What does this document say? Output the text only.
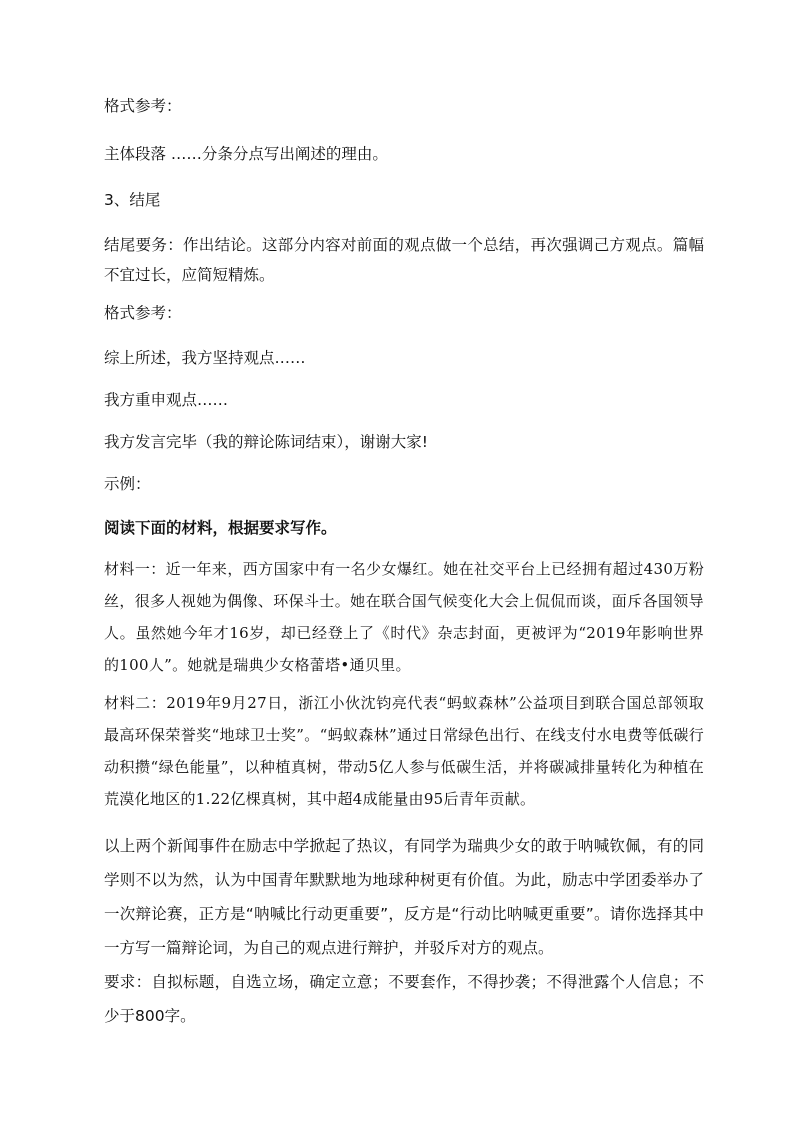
格式参考：
主体段落 ……分条分点写出阐述的理由。
3、结尾
结尾要务：作出结论。这部分内容对前面的观点做一个总结，再次强调己方观点。篇幅不宜过长，应简短精炼。
格式参考：
综上所述，我方坚持观点……
我方重申观点……
我方发言完毕（我的辩论陈词结束），谢谢大家!
示例：
阅读下面的材料，根据要求写作。
材料一：近一年来，西方国家中有一名少女爆红。她在社交平台上已经拥有超过430万粉丝，很多人视她为偶像、环保斗士。她在联合国气候变化大会上侃侃而谈，面斥各国领导人。虽然她今年才16岁，却已经登上了《时代》杂志封面，更被评为“2019年影响世界的100人”。她就是瑞典少女格蕾塔•通贝里。
材料二：2019年9月27日，浙江小伙沈钧亮代表“蚂蚁森林”公益项目到联合国总部领取最高环保荣誉奖“地球卫士奖”。“蚂蚁森林”通过日常绿色出行、在线支付水电费等低碳行动积攒“绿色能量”，以种植真树，带动5亿人参与低碳生活，并将碳减排量转化为种植在荒漠化地区的1.22亿棵真树，其中超4成能量由95后青年贡献。
以上两个新闻事件在励志中学掀起了热议，有同学为瑞典少女的敢于呐喊钦佩，有的同学则不以为然，认为中国青年默默地为地球种树更有价值。为此，励志中学团委举办了一次辩论赛，正方是“呐喊比行动更重要”，反方是“行动比呐喊更重要”。请你选择其中一方写一篇辩论词，为自己的观点进行辩护，并驳斥对方的观点。
要求：自拟标题，自选立场，确定立意；不要套作，不得抄袭；不得泄露个人信息；不少于800字。
